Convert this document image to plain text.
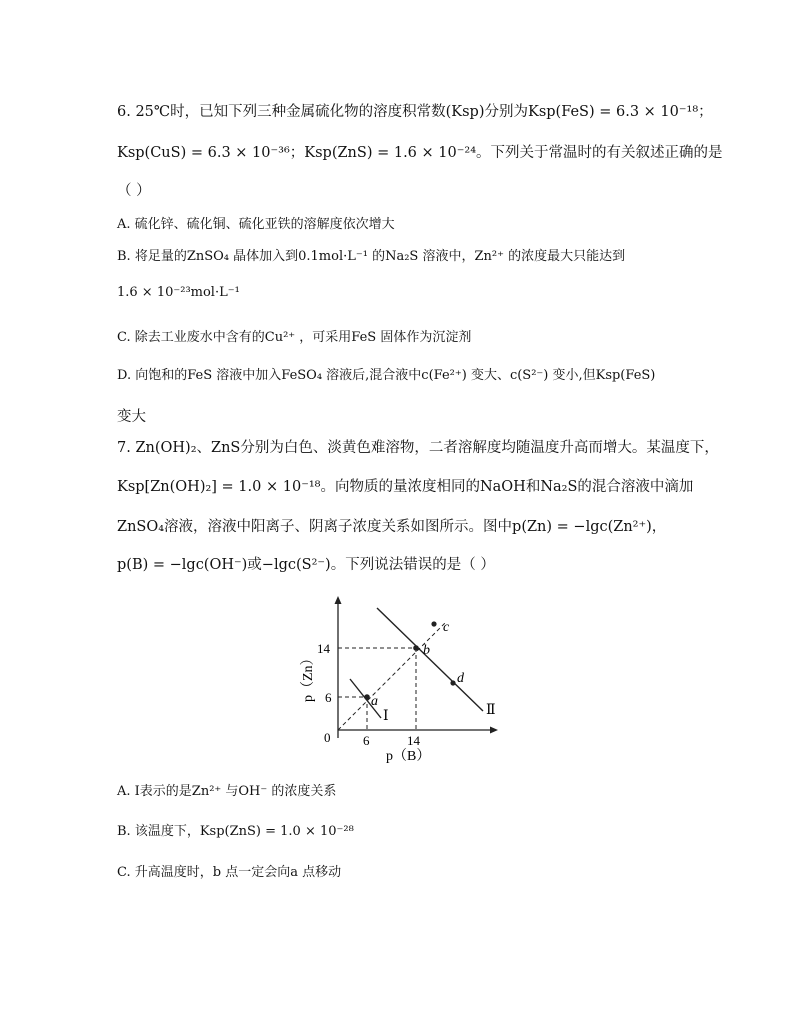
6. 25℃时，已知下列三种金属硫化物的溶度积常数(Ksp)分别为Ksp(FeS) = 6.3 × 10⁻¹⁸；
Ksp(CuS) = 6.3 × 10⁻³⁶；Ksp(ZnS) = 1.6 × 10⁻²⁴。下列关于常温时的有关叙述正确的是
（ ）
A. 硫化锌、硫化铜、硫化亚铁的溶解度依次增大
B. 将足量的ZnSO₄ 晶体加入到0.1mol·L⁻¹ 的Na₂S 溶液中，Zn²⁺ 的浓度最大只能达到
1.6 × 10⁻²³mol·L⁻¹
C. 除去工业废水中含有的Cu²⁺ ，可采用FeS 固体作为沉淀剂
D. 向饱和的FeS 溶液中加入FeSO₄ 溶液后,混合液中c(Fe²⁺) 变大、c(S²⁻) 变小,但Ksp(FeS)
变大
7. Zn(OH)₂、ZnS分别为白色、淡黄色难溶物，二者溶解度均随温度升高而增大。某温度下，
Ksp[Zn(OH)₂] = 1.0 × 10⁻¹⁸。向物质的量浓度相同的NaOH和Na₂S的混合溶液中滴加
ZnSO₄溶液，溶液中阳离子、阴离子浓度关系如图所示。图中p(Zn) = −lgc(Zn²⁺)，
p(B) = −lgc(OH⁻)或−lgc(S²⁻)。下列说法错误的是（ ）
p（Zn）
p（B）
0	6	14
6
14
a
b
c
d
Ⅰ	Ⅱ
A. Ⅰ表示的是Zn²⁺ 与OH⁻ 的浓度关系
B. 该温度下，Ksp(ZnS) = 1.0 × 10⁻²⁸
C. 升高温度时，b 点一定会向a 点移动
